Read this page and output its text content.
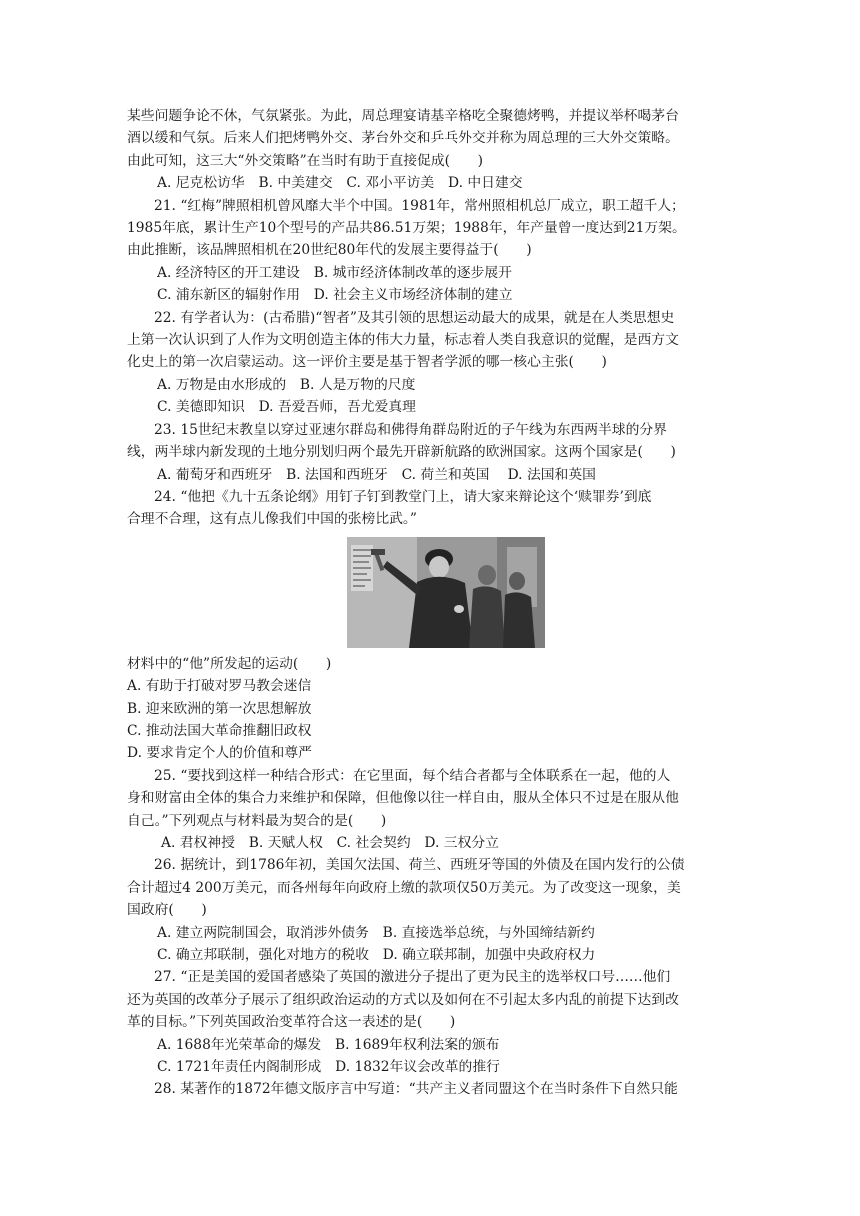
某些问题争论不休，气氛紧张。为此，周总理宴请基辛格吃全聚德烤鸭，并提议举杯喝茅台

酒以缓和气氛。后来人们把烤鸭外交、茅台外交和乒乓外交并称为周总理的三大外交策略。

由此可知，这三大“外交策略”在当时有助于直接促成(　　)

A. 尼克松访华　B. 中美建交　C. 邓小平访美　D. 中日建交

21. “红梅”牌照相机曾风靡大半个中国。1981年，常州照相机总厂成立，职工超千人；

1985年底，累计生产10个型号的产品共86.51万架；1988年，年产量曾一度达到21万架。

由此推断，该品牌照相机在20世纪80年代的发展主要得益于(　　)

A. 经济特区的开工建设　B. 城市经济体制改革的逐步展开

C. 浦东新区的辐射作用　D. 社会主义市场经济体制的建立

22. 有学者认为：(古希腊)“智者”及其引领的思想运动最大的成果，就是在人类思想史

上第一次认识到了人作为文明创造主体的伟大力量，标志着人类自我意识的觉醒，是西方文

化史上的第一次启蒙运动。这一评价主要是基于智者学派的哪一核心主张(　　)

A. 万物是由水形成的　B. 人是万物的尺度

C. 美德即知识　D. 吾爱吾师，吾尤爱真理

23. 15世纪末教皇以穿过亚速尔群岛和佛得角群岛附近的子午线为东西两半球的分界

线，两半球内新发现的土地分别划归两个最先开辟新航路的欧洲国家。这两个国家是(　　)

A. 葡萄牙和西班牙　B. 法国和西班牙　C. 荷兰和英国　 D. 法国和英国

24. “他把《九十五条论纲》用钉子钉到教堂门上，请大家来辩论这个‘赎罪券’到底

合理不合理，这有点儿像我们中国的张榜比武。”

材料中的“他”所发起的运动(　　)

A. 有助于打破对罗马教会迷信

B. 迎来欧洲的第一次思想解放

C. 推动法国大革命推翻旧政权

D. 要求肯定个人的价值和尊严

25. “要找到这样一种结合形式：在它里面，每个结合者都与全体联系在一起，他的人

身和财富由全体的集合力来维护和保障，但他像以往一样自由，服从全体只不过是在服从他

自己。”下列观点与材料最为契合的是(　　)

A. 君权神授　B. 天赋人权　C. 社会契约　D. 三权分立

26. 据统计，到1786年初，美国欠法国、荷兰、西班牙等国的外债及在国内发行的公债

合计超过4 200万美元，而各州每年向政府上缴的款项仅50万美元。为了改变这一现象，美

国政府(　　)

A. 建立两院制国会，取消涉外债务　B. 直接选举总统，与外国缔结新约

C. 确立邦联制，强化对地方的税收　D. 确立联邦制，加强中央政府权力

27. “正是美国的爱国者感染了英国的激进分子提出了更为民主的选举权口号……他们

还为英国的改革分子展示了组织政治运动的方式以及如何在不引起太多内乱的前提下达到改

革的目标。”下列英国政治变革符合这一表述的是(　　)

A. 1688年光荣革命的爆发　B. 1689年权利法案的颁布

C. 1721年责任内阁制形成　D. 1832年议会改革的推行

28. 某著作的1872年德文版序言中写道：“共产主义者同盟这个在当时条件下自然只能
